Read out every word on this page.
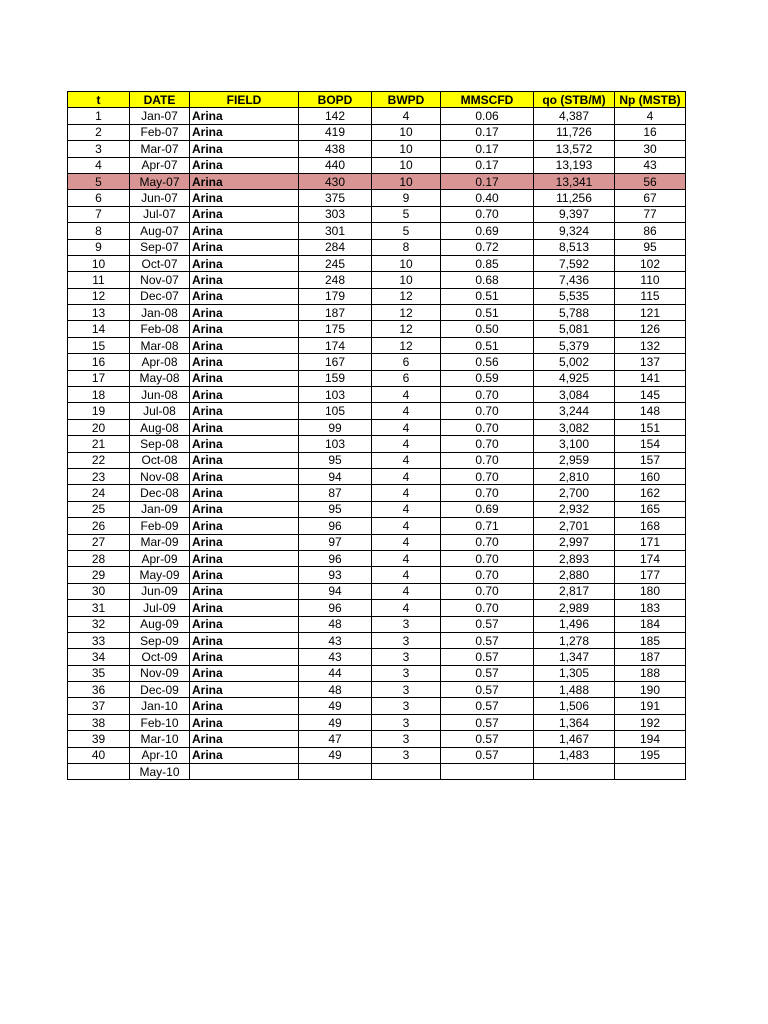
t	DATE	FIELD	BOPD	BWPD	MMSCFD	qo (STB/M)	Np (MSTB)
1	Jan-07	Arina	142	4	0.06	4,387	4
2	Feb-07	Arina	419	10	0.17	11,726	16
3	Mar-07	Arina	438	10	0.17	13,572	30
4	Apr-07	Arina	440	10	0.17	13,193	43
5	May-07	Arina	430	10	0.17	13,341	56
6	Jun-07	Arina	375	9	0.40	11,256	67
7	Jul-07	Arina	303	5	0.70	9,397	77
8	Aug-07	Arina	301	5	0.69	9,324	86
9	Sep-07	Arina	284	8	0.72	8,513	95
10	Oct-07	Arina	245	10	0.85	7,592	102
11	Nov-07	Arina	248	10	0.68	7,436	110
12	Dec-07	Arina	179	12	0.51	5,535	115
13	Jan-08	Arina	187	12	0.51	5,788	121
14	Feb-08	Arina	175	12	0.50	5,081	126
15	Mar-08	Arina	174	12	0.51	5,379	132
16	Apr-08	Arina	167	6	0.56	5,002	137
17	May-08	Arina	159	6	0.59	4,925	141
18	Jun-08	Arina	103	4	0.70	3,084	145
19	Jul-08	Arina	105	4	0.70	3,244	148
20	Aug-08	Arina	99	4	0.70	3,082	151
21	Sep-08	Arina	103	4	0.70	3,100	154
22	Oct-08	Arina	95	4	0.70	2,959	157
23	Nov-08	Arina	94	4	0.70	2,810	160
24	Dec-08	Arina	87	4	0.70	2,700	162
25	Jan-09	Arina	95	4	0.69	2,932	165
26	Feb-09	Arina	96	4	0.71	2,701	168
27	Mar-09	Arina	97	4	0.70	2,997	171
28	Apr-09	Arina	96	4	0.70	2,893	174
29	May-09	Arina	93	4	0.70	2,880	177
30	Jun-09	Arina	94	4	0.70	2,817	180
31	Jul-09	Arina	96	4	0.70	2,989	183
32	Aug-09	Arina	48	3	0.57	1,496	184
33	Sep-09	Arina	43	3	0.57	1,278	185
34	Oct-09	Arina	43	3	0.57	1,347	187
35	Nov-09	Arina	44	3	0.57	1,305	188
36	Dec-09	Arina	48	3	0.57	1,488	190
37	Jan-10	Arina	49	3	0.57	1,506	191
38	Feb-10	Arina	49	3	0.57	1,364	192
39	Mar-10	Arina	47	3	0.57	1,467	194
40	Apr-10	Arina	49	3	0.57	1,483	195
	May-10						
